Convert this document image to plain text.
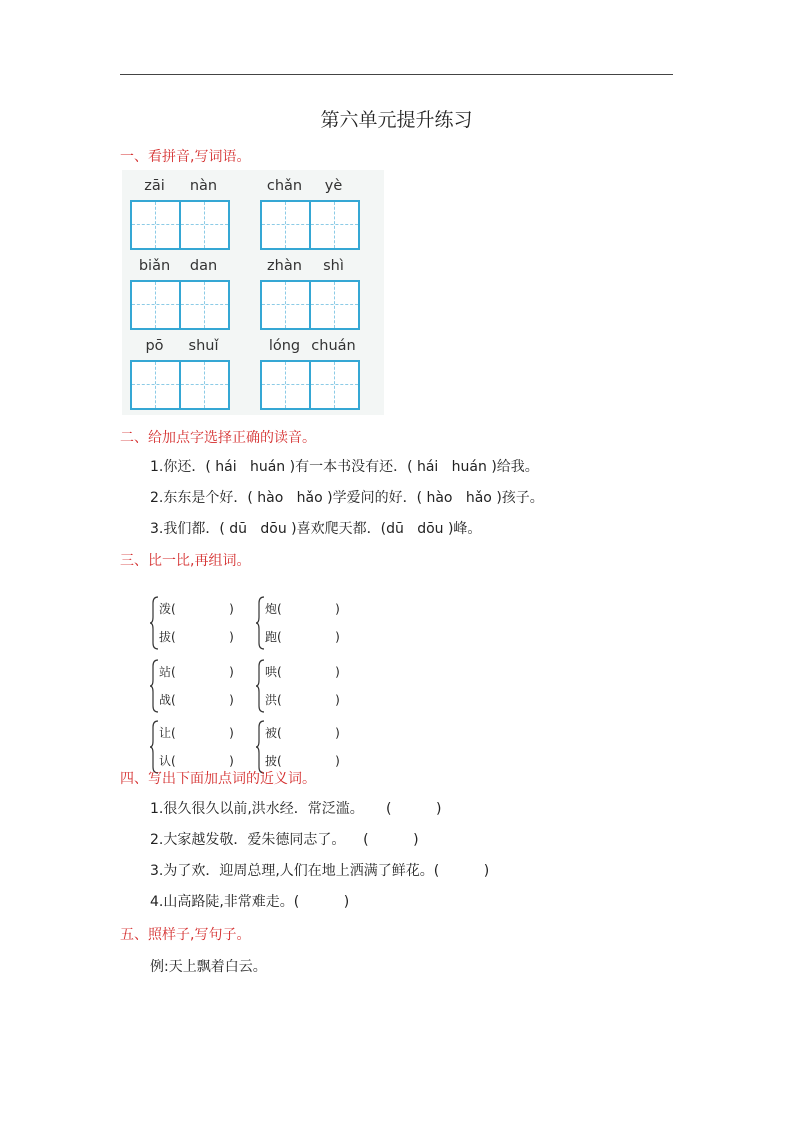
第六单元提升练习
一、看拼音,写词语。
zāi	nàn	chǎn	yè
biǎn	dan	zhàn	shì
pō	shuǐ	lóng chuán
二、给加点字选择正确的读音。
1.你还．( hái   huán )有一本书没有还．( hái   huán )给我。
2.东东是个好．( hào   hǎo )学爱问的好．( hào   hǎo )孩子。
3.我们都．( dū   dōu )喜欢爬天都．(dū   dōu )峰。
三、比一比,再组词。
泼(              )
拔(              )
炮(              )
跑(              )
站(              )
战(              )
哄(              )
洪(              )
让(              )
认(              )
被(              )
披(              )
四、写出下面加点词的近义词。
1.很久很久以前,洪水经．常泛滥。     (          )
2.大家越发敬．爱朱德同志了。    (          )
3.为了欢．迎周总理,人们在地上洒满了鲜花。(          )
4.山高路陡,非常难走。(          )
五、照样子,写句子。
例:天上飘着白云。
